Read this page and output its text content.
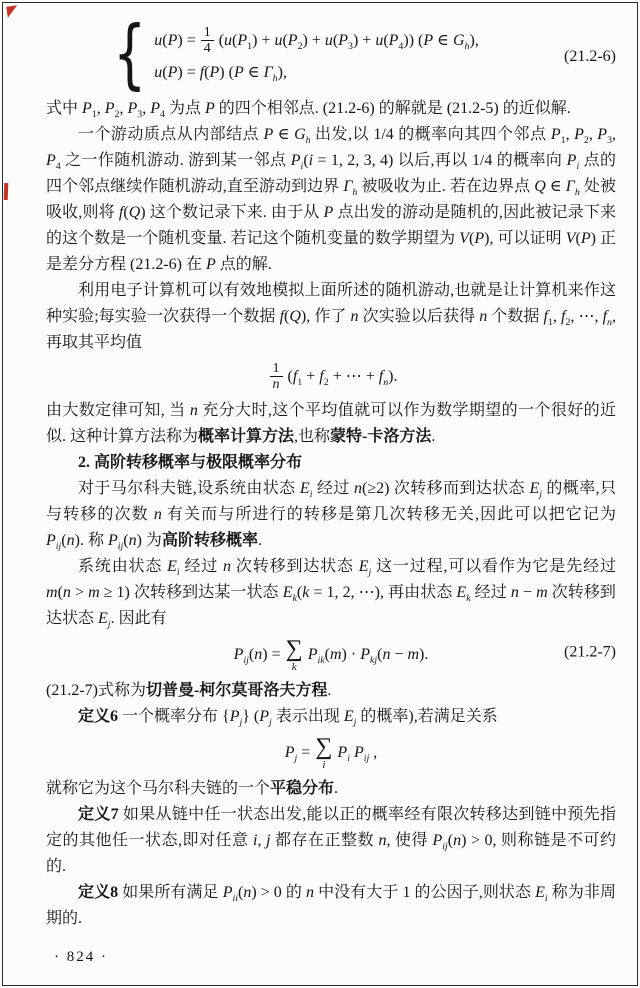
{ $u(P) = \frac{1}{4} (u(P_1) + u(P_2) + u(P_3) + u(P_4))$ (P ∈ $G_h$),
u(P) = f(P) (P ∈ $\Gamma_h$),
(21.2-6)

式中 $P_1$, $P_2$, $P_3$, $P_4$ 为点 P 的四个相邻点. (21.2-6) 的解就是 (21.2-5) 的近似解.

一个游动质点从内部结点 P ∈ $G_h$ 出发,以 1/4 的概率向其四个邻点 $P_1$, $P_2$, $P_3$, $P_4$ 之一作随机游动. 游到某一邻点 $P_i(i = 1$, 2, 3, 4) 以后,再以 1/4 的概率向 $P_i$ 点的四个邻点继续作随机游动,直至游动到边界 $\Gamma_h$ 被吸收为止. 若在边界点 Q ∈ $\Gamma_h$ 处被吸收,则将 f(Q) 这个数记录下来. 由于从 P 点出发的游动是随机的,因此被记录下来的这个数是一个随机变量. 若记这个随机变量的数学期望为 V(P), 可以证明 V(P) 正是差分方程 (21.2-6) 在 P 点的解.

利用电子计算机可以有效地模拟上面所述的随机游动,也就是让计算机来作这种实验;每实验一次获得一个数据 f(Q), 作了 n 次实验以后获得 n 个数据 $f_1$, $f_2$, ⋯, $f_n$, 再取其平均值

$\frac{1}{n} (f_1 + f_2$ + ⋯ + $f_n$).

由大数定律可知, 当 n 充分大时,这个平均值就可以作为数学期望的一个很好的近似. 这种计算方法称为概率计算方法,也称蒙特-卡洛方法.

2. 高阶转移概率与极限概率分布

对于马尔科夫链,设系统由状态 $E_i$ 经过 n(≥2) 次转移而到达状态 $E_j$ 的概率,只与转移的次数 n 有关而与所进行的转移是第几次转移无关,因此可以把它记为 $P_{ij}(n)$. 称 $P_{ij}(n)$ 为高阶转移概率.

系统由状态 $E_i$ 经过 n 次转移到达状态 $E_j$ 这一过程,可以看作为它是先经过 m(n > m ≥ 1) 次转移到达某一状态 $E_k(k = 1$, 2, ⋯), 再由状态 $E_k$ 经过 n − m 次转移到达状态 $E_j$. 因此有

$P_{ij}(n)$ = ∑
k
$P_{ik}(m) \cdot P_{kj}(n - m)$.	(21.2-7)

(21.2-7)式称为切普曼-柯尔莫哥洛夫方程.

定义6 一个概率分布 $\{P_j\}$ ($P_j$ 表示出现 $E_j$ 的概率),若满足关系

$P_j$ = ∑
i
$P_i$ $P_{ij}$ ,

就称它为这个马尔科夫链的一个平稳分布.

定义7 如果从链中任一状态出发,能以正的概率经有限次转移达到链中预先指定的其他任一状态,即对任意 i, j 都存在正整数 n, 使得 $P_{ij}(n) > 0$, 则称链是不可约的.

定义8 如果所有满足 $P_{ii}(n) > 0$ 的 n 中没有大于 1 的公因子,则状态 $E_i$ 称为非周期的.

· 824 ·
